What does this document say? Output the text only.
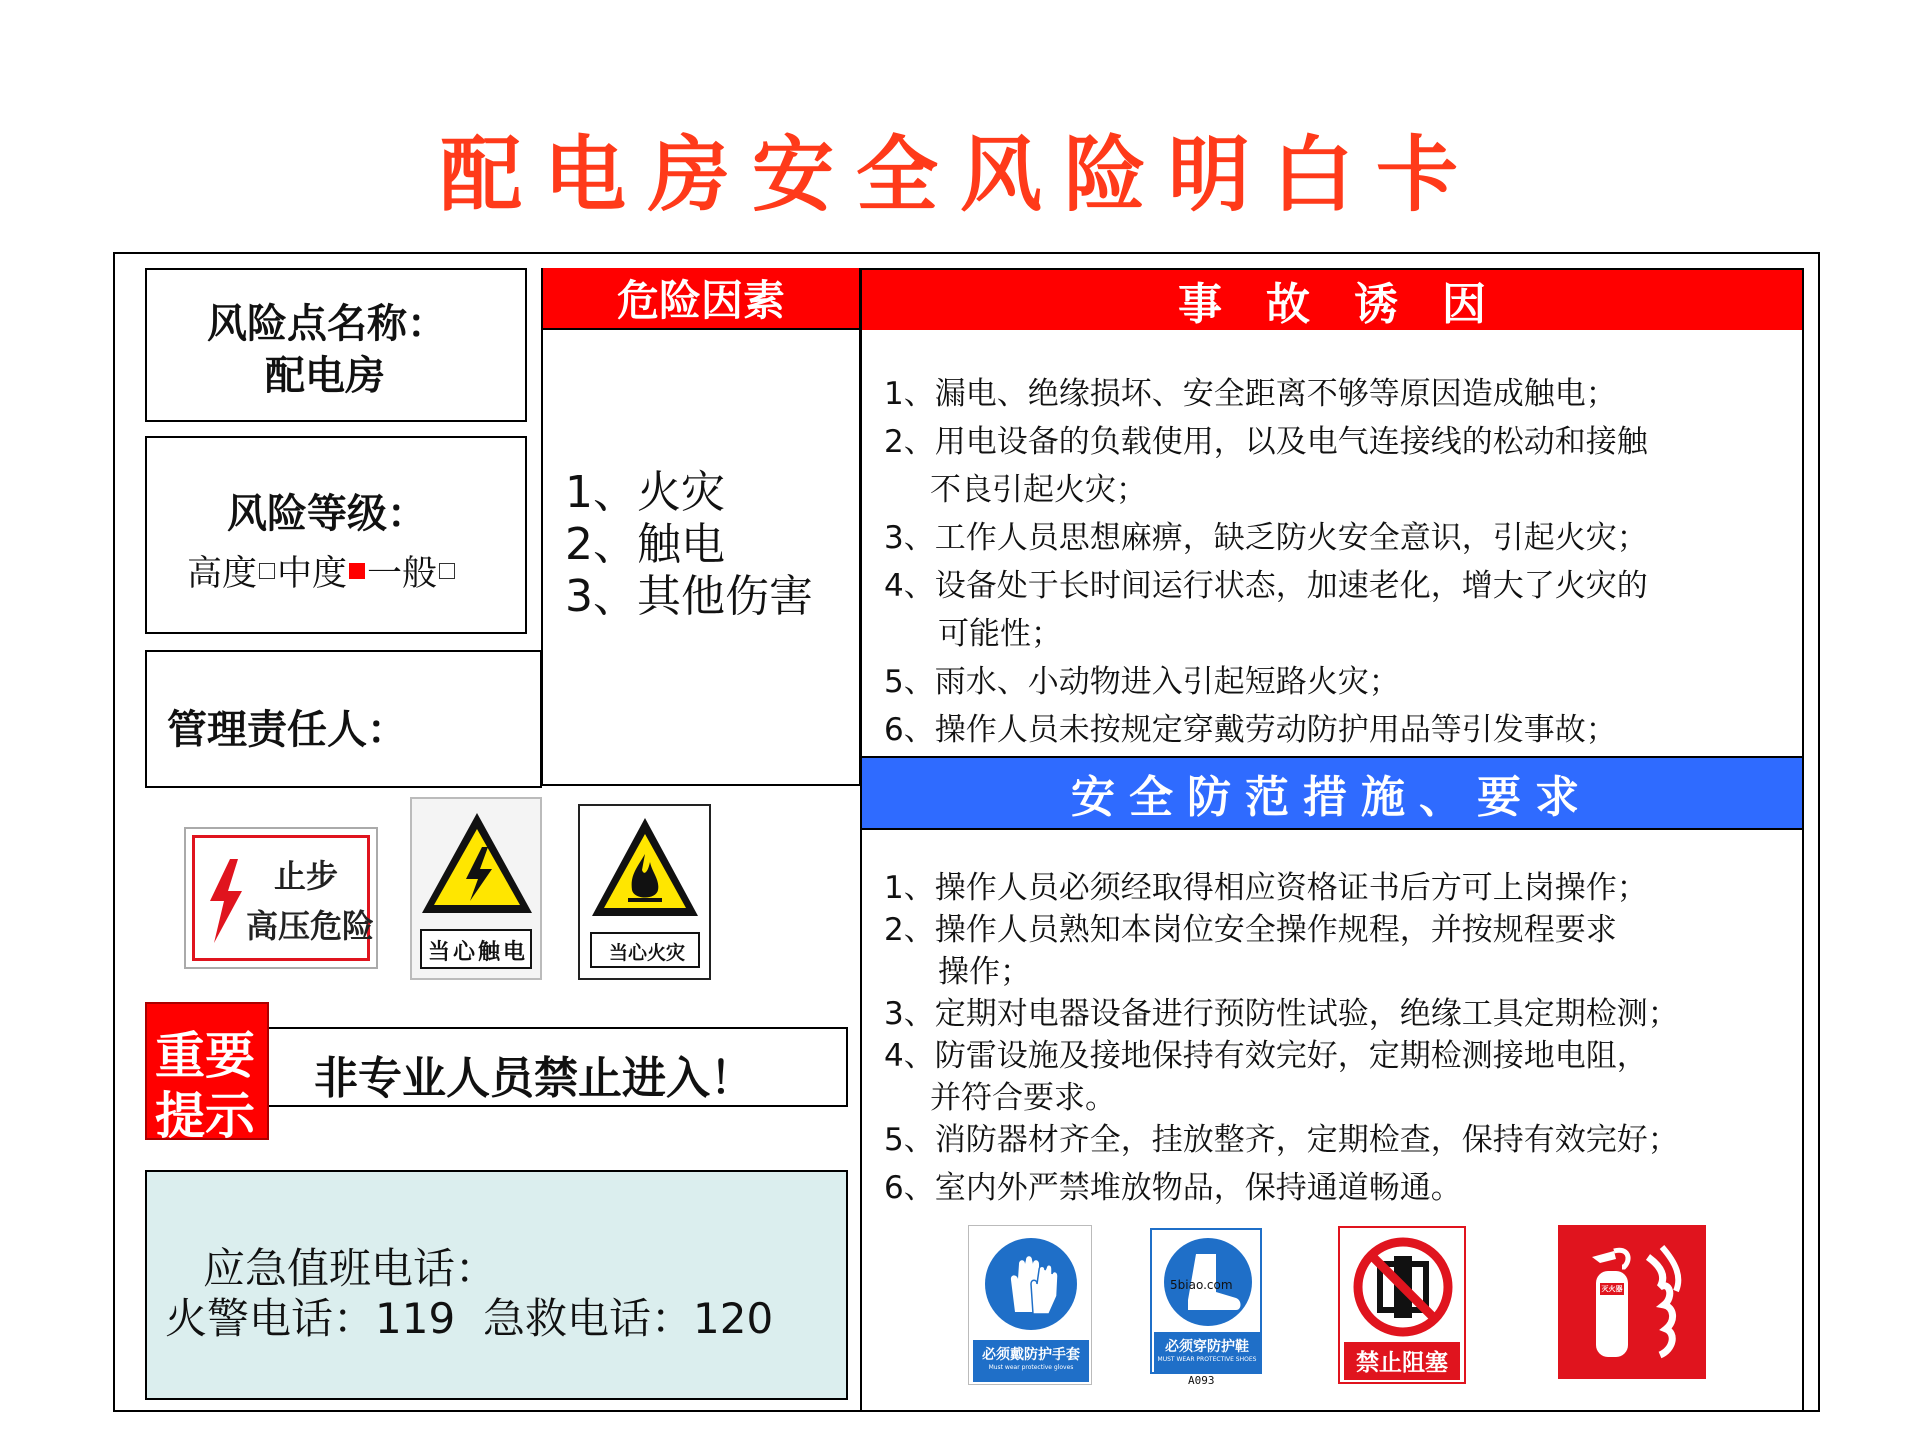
配电房安全风险明白卡
风险点名称：
配电房
风险等级：
高度 中度 一般
管理责任人：
危险因素
1、火灾
2、触电
3、其他伤害
事　故　诱　因
1、漏电、绝缘损坏、安全距离不够等原因造成触电；
2、用电设备的负载使用，以及电气连接线的松动和接触
不良引起火灾；
3、工作人员思想麻痹，缺乏防火安全意识，引起火灾；
4、设备处于长时间运行状态，加速老化，增大了火灾的
可能性；
5、雨水、小动物进入引起短路火灾；
6、操作人员未按规定穿戴劳动防护用品等引发事故；
安全防范措施、要求
1、操作人员必须经取得相应资格证书后方可上岗操作；
2、操作人员熟知本岗位安全操作规程，并按规程要求
操作；
3、定期对电器设备进行预防性试验，绝缘工具定期检测；
4、防雷设施及接地保持有效完好，定期检测接地电阻，
并符合要求。
5、消防器材齐全，挂放整齐，定期检查，保持有效完好；
6、室内外严禁堆放物品，保持通道畅通。
止步
高压危险
当心触电	当心火灾
非专业人员禁止进入！
重要
提示
应急值班电话：
火警电话：119 急救电话：120
必须戴防护手套
Must wear protective gloves
5biao.com
必须穿防护鞋
MUST WEAR PROTECTIVE SHOES
A093
禁止阻塞
灭火器
